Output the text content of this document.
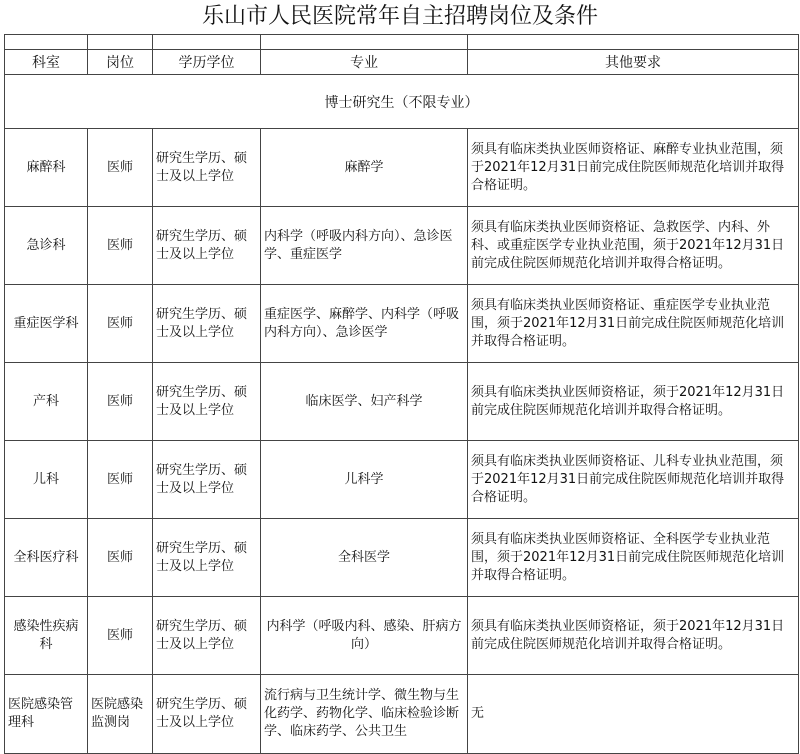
乐山市人民医院常年自主招聘岗位及条件

科室	岗位	学历学位	专业	其他要求
博士研究生（不限专业）				
麻醉科	医师	研究生学历、硕士及以上学位	麻醉学	须具有临床类执业医师资格证、麻醉专业执业范围，须于2021年12月31日前完成住院医师规范化培训并取得合格证明。
急诊科	医师	研究生学历、硕士及以上学位	内科学（呼吸内科方向）、急诊医学、重症医学	须具有临床类执业医师资格证、急救医学、内科、外科、或重症医学专业执业范围，须于2021年12月31日前完成住院医师规范化培训并取得合格证明。
重症医学科	医师	研究生学历、硕士及以上学位	重症医学、麻醉学、内科学（呼吸内科方向）、急诊医学	须具有临床类执业医师资格证、重症医学专业执业范围，须于2021年12月31日前完成住院医师规范化培训并取得合格证明。
产科	医师	研究生学历、硕士及以上学位	临床医学、妇产科学	须具有临床类执业医师资格证，须于2021年12月31日前完成住院医师规范化培训并取得合格证明。
儿科	医师	研究生学历、硕士及以上学位	儿科学	须具有临床类执业医师资格证、儿科专业执业范围，须于2021年12月31日前完成住院医师规范化培训并取得合格证明。
全科医疗科	医师	研究生学历、硕士及以上学位	全科医学	须具有临床类执业医师资格证、全科医学专业执业范围，须于2021年12月31日前完成住院医师规范化培训并取得合格证明。
感染性疾病科	医师	研究生学历、硕士及以上学位	内科学（呼吸内科、感染、肝病方向）	须具有临床类执业医师资格证，须于2021年12月31日前完成住院医师规范化培训并取得合格证明。
医院感染管理科	医院感染监测岗	研究生学历、硕士及以上学位	流行病与卫生统计学、微生物与生化药学、药物化学、临床检验诊断学、临床药学、公共卫生	无
